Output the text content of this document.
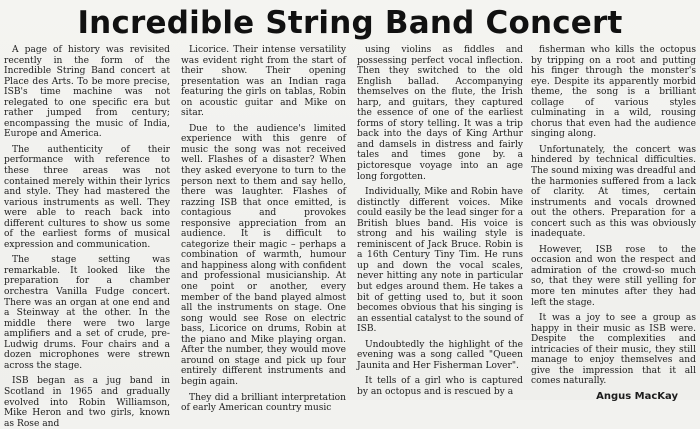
Incredible String Band Concert

A page of history was revisited recently in the form of the Incredible String Band concert at Place des Arts. To be more precise, ISB's time machine was not relegated to one specific era but rather jumped from century; encompassing the music of India, Europe and America.

The authenticity of their performance with reference to these three areas was not contained merely within their lyrics and style. They had mastered the various instruments as well. They were able to reach back into different cultures to show us some of the earliest forms of musical expression and communication.

The stage setting was remarkable. It looked like the preparation for a chamber orchestra Vanilla Fudge concert. There was an organ at one end and a Steinway at the other. In the middle there were two large amplifiers and a set of crude, pre-Ludwig drums. Four chairs and a dozen microphones were strewn across the stage.

ISB began as a jug band in Scotland in 1965 and gradually evolved into Robin Williamson, Mike Heron and two girls, known as Rose and

Licorice. Their intense versatility was evident right from the start of their show. Their opening presentation was an Indian raga featuring the girls on tablas, Robin on acoustic guitar and Mike on sitar.

Due to the audience's limited experience with this genre of music the song was not received well. Flashes of a disaster? When they asked everyone to turn to the person next to them and say hello, there was laughter. Flashes of razzing ISB that once emitted, is contagious and provokes responsive appreciation from an audience. It is difficult to categorize their magic – perhaps a combination of warmth, humour and happiness along with confident and professional musicianship. At one point or another, every member of the band played almost all the instruments on stage. One song would see Rose on electric bass, Licorice on drums, Robin at the piano and Mike playing organ. After the number, they would move around on stage and pick up four entirely different instruments and begin again.

They did a brilliant interpretation of early American country music

using violins as fiddles and possessing perfect vocal inflection. Then they switched to the old English ballad. Accompanying themselves on the flute, the Irish harp, and guitars, they captured the essence of one of the earliest forms of story telling. It was a trip back into the days of King Arthur and damsels in distress and fairly tales and times gone by. a pictoresque voyage into an age long forgotten.

Individually, Mike and Robin have distinctly different voices. Mike could easily be the lead singer for a British blues band. His voice is strong and his wailing style is reminiscent of Jack Bruce. Robin is a 16th Century Tiny Tim. He runs up and down the vocal scales, never hitting any note in particular but edges around them. He takes a bit of getting used to, but it soon becomes obvious that his singing is an essential catalyst to the sound of ISB.

Undoubtedly the highlight of the evening was a song called "Queen Jaunita and Her Fisherman Lover".

It tells of a girl who is captured by an octopus and is rescued by a

fisherman who kills the octopus by tripping on a root and putting his finger through the monster's eye. Despite its apparently morbid theme, the song is a brilliant collage of various styles culminating in a wild, rousing chorus that even had the audience singing along.

Unfortunately, the concert was hindered by technical difficulties. The sound mixing was dreadful and the harmonies suffered from a lack of clarity. At times, certain instruments and vocals drowned out the others. Preparation for a concert such as this was obviously inadequate.

However, ISB rose to the occasion and won the respect and admiration of the crowd-so much so, that they were still yelling for more ten minutes after they had left the stage.

It was a joy to see a group as happy in their music as ISB were. Despite the complexities and intricacies of their music, they still manage to enjoy themselves and give the impression that it all comes naturally.

Angus MacKay
